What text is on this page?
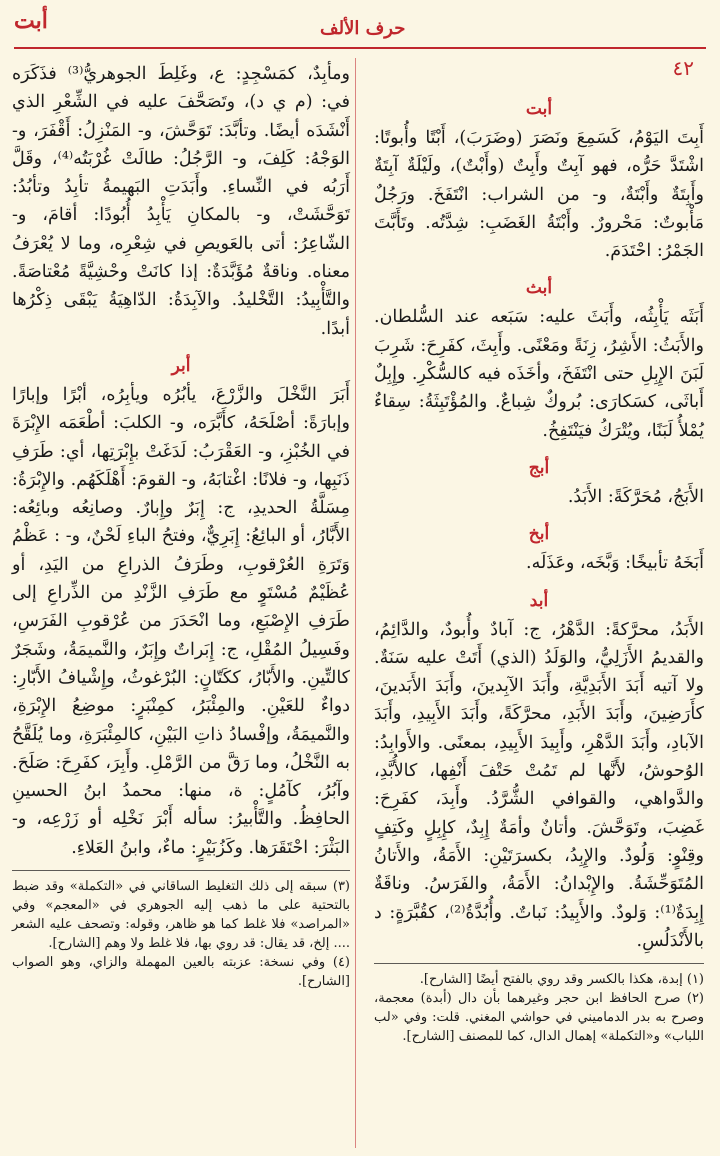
أبت	حرف الألف
٤٢
أبت

أَبِتَ اليَوْمُ، كَسَمِعَ ونَصَرَ (وضَرَبَ)، أَبْتًا وأُبوتًا: اشْتَدَّ حَرُّه، فهو آبِتٌ وأَبِتٌ (وأَبْتٌ)، ولَيْلَةٌ آبِتَةٌ وأَبِتَةٌ وأَبْتَةٌ، و- من الشراب: انْتَفَخَ. ورَجُلٌ مَأْبوتٌ: مَحْرورٌ. وأَبْتَةُ الغَضَبِ: شِدَّتُه. وتَأَبَّتَ الجَمْرُ: احْتَدَمَ.

أبث

أَبَثَه يَأْبِثُه، وأَبَثَ عليه: سَبَعه عند السُّلطان. والأَبَثُ: الأَشِرُ، زِنَةً ومَعْنًى. وأَبِثَ، كفَرِحَ: شَرِبَ لَبَنَ الإِبِلِ حتى انْتَفَخَ، وأخَذَه فيه كالسُّكْرِ. وإِبِلٌ أَباثَى، كسَكارَى: بُروكٌ شِباعٌ. والمُؤْتَبِثَةُ: سِقاءٌ يُمْلأُ لَبَنًا، ويُتْرَكُ فيَنْتَفِخُ.

أبج

الأَبَجُ، مُحَرَّكَةً: الأَبَدُ.

أبخ

أَبَخَهُ تأبيخًا: وَبَّخَه، وعَذَلَه.

أبد

الأَبَدُ، محرَّكةً: الدَّهْرُ، ج: آبادٌ وأُبودٌ، والدَّائِمُ، والقديمُ الأَزَلِيُّ، والوَلَدُ (الذي) أَتَتْ عليه سَنَةٌ. ولا آتيه أَبَدَ الأَبَدِيَّةِ، وأَبَدَ الآبِدينَ، وأَبَدَ الأَبَدينَ، كأَرَضِينَ، وأَبَدَ الأَبَدِ، محرَّكَةً، وأَبَدَ الأَبِيدِ، وأَبَدَ الآبادِ، وأَبَدَ الدَّهْرِ، وأَبِيدَ الأَبِيدِ، بمعنًى. والأَوابِدُ: الوُحوشُ، لأَنَّها لم تَمُتْ حَتْفَ أَنْفِها، كالأُبَّدِ، والدَّواهي، والقوافي الشُّرَّدُ. وأَبِدَ، كفَرِحَ: غَضِبَ، وتَوَحَّشَ. وأتانٌ وأمَةٌ إِبِدٌ، كإِبِلٍ وكَتِفٍ وقِنْوٍ: وَلُودٌ. والإِبِدُ، بكسرَتَيْنِ: الأَمَةُ، والأَتانُ المُتَوَحِّشَةُ. والإِبْدانُ: الأَمَةُ، والفَرَسُ. وناقَةٌ إِبِدَةٌ⁽¹⁾: وَلودٌ. والأَبِيدُ: نَباتٌ. وأُبُدَّةُ⁽²⁾، كقُبَّرَةٍ: د بالأَنْدَلُسِ.

(١) إبدة، هكذا بالكسر وقد روي بالفتح أيضًا [الشارح].
(٢) صرح الحافظ ابن حجر وغيرهما بأن دال (أبدة) معجمة، وصرح به بدر الدماميني في حواشي المغني. قلت: وفي «لب اللباب» و«التكملة» إهمال الدال، كما للمصنف [الشارح].

ومأبِدٌ، كمَسْجِدٍ: ع، وغَلِطَ الجوهريُّ⁽³⁾ فذَكَرَه في: (م ي د)، وتَصَحَّفَ عليه في الشِّعْرِ الذي أَنْشَدَه أيضًا. وتأبَّدَ: تَوَحَّشَ، و- المَنْزِلُ: أَقْفَرَ، و- الوَجْهُ: كَلِفَ، و- الرَّجُلُ: طالَتْ غُرْبَتُه⁽⁴⁾، وقَلَّ أَرَبُه في النِّساءِ. وأَبَدَتِ البَهيمةُ تأبِدُ وتأبُدُ: تَوَحَّشَتْ، و- بالمكانِ يَأْبِدُ أُبُودًا: أقامَ، و- الشّاعِرُ: أتى بالعَويصِ في شِعْرِه، وما لا يُعْرَفُ معناه. وناقةٌ مُؤَبَّدَةٌ: إذا كانَتْ وحْشِيَّةً مُعْتاصَةً. والتَّأْبِيدُ: التَّخْليدُ. والآبِدَةُ: الدّاهِيَةُ يَبْقَى ذِكْرُها أبدًا.

أبر

أَبَرَ النَّخْلَ والزَّرْعَ، يأبُرُه ويأبِرُه، أبْرًا وإبارًا وإبارَةً: أصْلَحَهُ، كأَبَّرَه، و- الكلبَ: أطْعَمَه الإِبْرَةَ في الخُبْزِ، و- العَقْرَبُ: لَدَغَتْ بإِبْرَتِها، أي: طَرَفِ ذَنَبِها، و- فلانًا: اغْتابَهُ، و- القومَ: أَهْلَكَهُم. والإِبْرَةُ: مِسَلَّةُ الحديدِ، ج: إِبَرٌ وإِبارٌ. وصانِعُه وبائِعُه: الأَبَّارُ، أو البائِعُ: إِبَرِيٌّ، وفتحُ الباءِ لَحْنٌ، و- : عَظْمُ وَتَرَةِ العُرْقوبِ، وطَرَفُ الذراعِ من اليَدِ، أو عُظَيْمٌ مُسْتَوٍ مع طَرَفِ الزَّنْدِ من الذِّراعِ إلى طَرَفِ الإِصْبَعِ، وما انْحَدَرَ من عُرْقوبِ الفَرَسِ، وفَسِيلُ المُقْلِ، ج: إِبَراتٌ وإِبَرٌ، والنَّميمَةُ، وشَجَرٌ كالتِّينِ. والأَبّارُ، ككَتّانٍ: البُرْغوثُ، وإِشْيافُ الأَبّارِ: دواءٌ للعَيْنِ. والمِئْبَرُ، كمِنْبَرٍ: موضِعُ الإِبْرَةِ، والنَّميمَةُ، وإفْسادُ ذاتِ البَيْنِ، كالمِئْبَرَةِ، وما يُلَقَّحُ به النَّخْلُ، وما رَقَّ من الرَّمْلِ. وأَبِرَ، كفَرِحَ: صَلَحَ. وآبُرُ، كآمُلٍ: ة، منها: محمدُ ابنُ الحسينِ الحافِظُ. والتَّأْبيرُ: سأله أَبْرَ نَخْلِه أو زَرْعِه، و- البَثْرَ: احْتَقَرَها. وكَزُبَيْرٍ: ماءٌ، وابنُ العَلاءِ.

(٣) سبقه إلى ذلك التغليط الساقاني في «التكملة» وقد ضبط بالتحتية على ما ذهب إليه الجوهري في «المعجم» وفي «المراصد» فلا غلط كما هو ظاهر، وقوله: وتصحف عليه الشعر .... إلخ، قد يقال: قد روي بها، فلا غلط ولا وهم [الشارح].
(٤) وفي نسخة: عزبته بالعين المهملة والزاي، وهو الصواب [الشارح].
